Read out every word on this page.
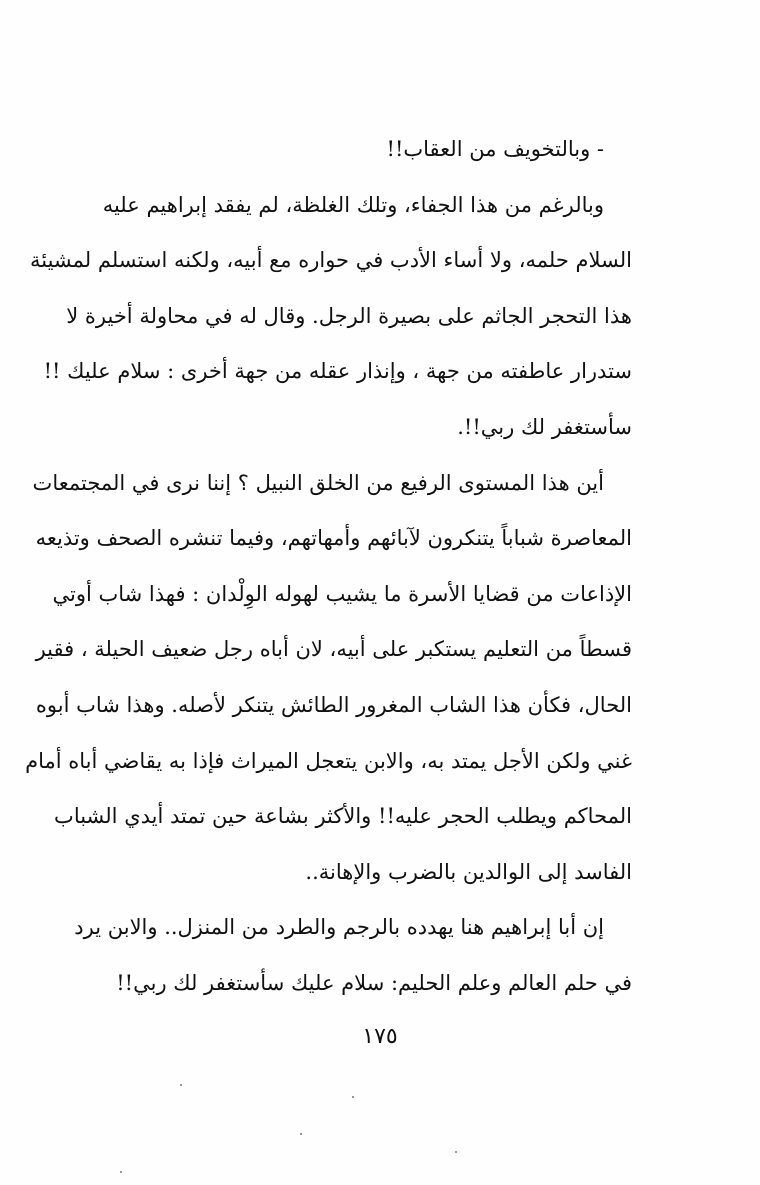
- وبالتخويف من العقاب!!
وبالرغم من هذا الجفاء، وتلك الغلظة، لم يفقد إبراهيم عليه
السلام حلمه، ولا أساء الأدب في حواره مع أبيه، ولكنه استسلم لمشيئة
هذا التحجر الجاثم على بصيرة الرجل. وقال له في محاولة أخيرة لا
ستدرار عاطفته من جهة ، وإنذار عقله من جهة أخرى : سلام عليك !!
سأستغفر لك ربي!!.
أين هذا المستوى الرفيع من الخلق النبيل ؟ إننا نرى في المجتمعات
المعاصرة شباباً يتنكرون لآبائهم وأمهاتهم، وفيما تنشره الصحف وتذيعه
الإذاعات من قضايا الأسرة ما يشيب لهوله الوِلْدان : فهذا شاب أوتي
قسطاً من التعليم يستكبر على أبيه، لان أباه رجل ضعيف الحيلة ، فقير
الحال، فكأن هذا الشاب المغرور الطائش يتنكر لأصله. وهذا شاب أبوه
غني ولكن الأجل يمتد به، والابن يتعجل الميراث فإذا به يقاضي أباه أمام
المحاكم ويطلب الحجر عليه!! والأكثر بشاعة حين تمتد أيدي الشباب
الفاسد إلى الوالدين بالضرب والإهانة..
إن أبا إبراهيم هنا يهدده بالرجم والطرد من المنزل.. والابن يرد
في حلم العالم وعلم الحليم: سلام عليك سأستغفر لك ربي!!
١٧٥
